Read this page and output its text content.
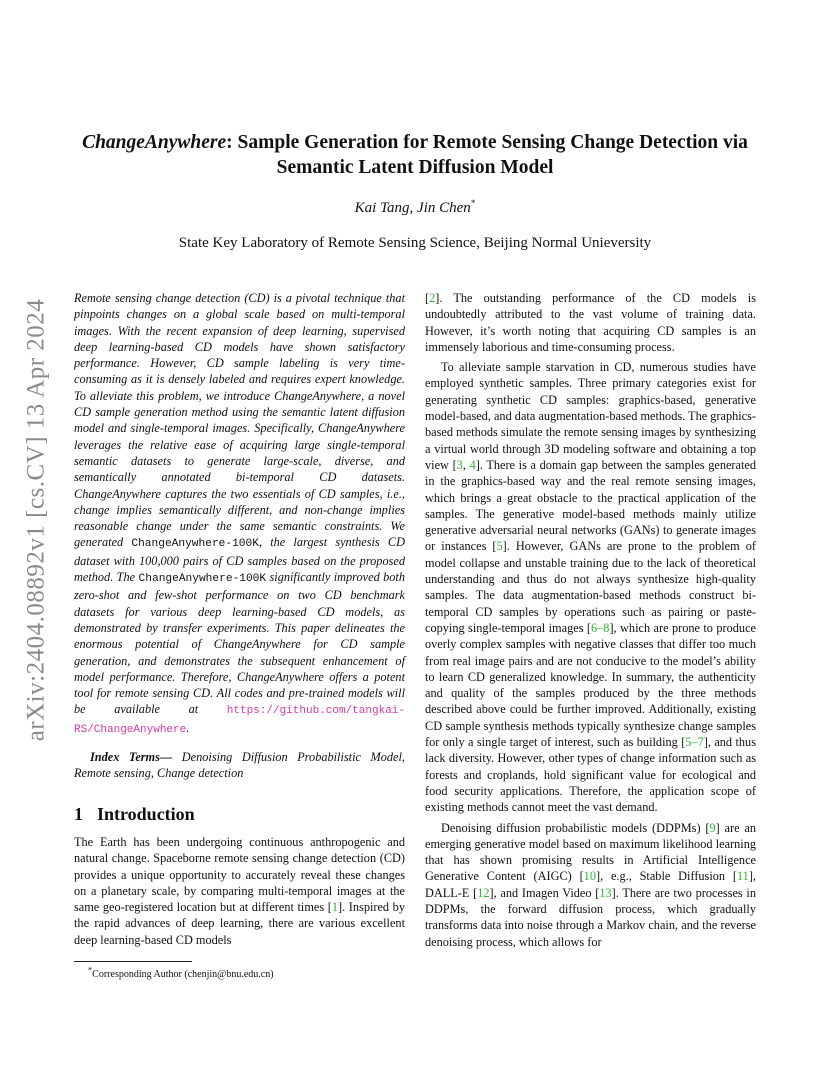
arXiv:2404.08892v1 [cs.CV] 13 Apr 2024
ChangeAnywhere: Sample Generation for Remote Sensing Change Detection via Semantic Latent Diffusion Model
Kai Tang, Jin Chen*
State Key Laboratory of Remote Sensing Science, Beijing Normal Unieversity

Remote sensing change detection (CD) is a pivotal technique that pinpoints changes on a global scale based on multi-temporal images. With the recent expansion of deep learning, supervised deep learning-based CD models have shown satisfactory performance. However, CD sample labeling is very time-consuming as it is densely labeled and requires expert knowledge. To alleviate this problem, we introduce ChangeAnywhere, a novel CD sample generation method using the semantic latent diffusion model and single-temporal images. Specifically, ChangeAnywhere leverages the relative ease of acquiring large single-temporal semantic datasets to generate large-scale, diverse, and semantically annotated bi-temporal CD datasets. ChangeAnywhere captures the two essentials of CD samples, i.e., change implies semantically different, and non-change implies reasonable change under the same semantic constraints. We generated ChangeAnywhere-100K, the largest synthesis CD dataset with 100,000 pairs of CD samples based on the proposed method. The ChangeAnywhere-100K significantly improved both zero-shot and few-shot performance on two CD benchmark datasets for various deep learning-based CD models, as demonstrated by transfer experiments. This paper delineates the enormous potential of ChangeAnywhere for CD sample generation, and demonstrates the subsequent enhancement of model performance. Therefore, ChangeAnywhere offers a potent tool for remote sensing CD. All codes and pre-trained models will be available at https://github.com/tangkai-RS/ChangeAnywhere.

Index Terms— Denoising Diffusion Probabilistic Model, Remote sensing, Change detection
1 Introduction

The Earth has been undergoing continuous anthropogenic and natural change. Spaceborne remote sensing change detection (CD) provides a unique opportunity to accurately reveal these changes on a planetary scale, by comparing multi-temporal images at the same geo-registered location but at different times [1]. Inspired by the rapid advances of deep learning, there are various excellent deep learning-based CD models

*Corresponding Author (chenjin@bnu.edu.cn)

[2]. The outstanding performance of the CD models is undoubtedly attributed to the vast volume of training data. However, it’s worth noting that acquiring CD samples is an immensely laborious and time-consuming process.

To alleviate sample starvation in CD, numerous studies have employed synthetic samples. Three primary categories exist for generating synthetic CD samples: graphics-based, generative model-based, and data augmentation-based methods. The graphics-based methods simulate the remote sensing images by synthesizing a virtual world through 3D modeling software and obtaining a top view [3, 4]. There is a domain gap between the samples generated in the graphics-based way and the real remote sensing images, which brings a great obstacle to the practical application of the samples. The generative model-based methods mainly utilize generative adversarial neural networks (GANs) to generate images or instances [5]. However, GANs are prone to the problem of model collapse and unstable training due to the lack of theoretical understanding and thus do not always synthesize high-quality samples. The data augmentation-based methods construct bi-temporal CD samples by operations such as pairing or paste-copying single-temporal images [6–8], which are prone to produce overly complex samples with negative classes that differ too much from real image pairs and are not conducive to the model’s ability to learn CD generalized knowledge. In summary, the authenticity and quality of the samples produced by the three methods described above could be further improved. Additionally, existing CD sample synthesis methods typically synthesize change samples for only a single target of interest, such as building [5–7], and thus lack diversity. However, other types of change information such as forests and croplands, hold significant value for ecological and food security applications. Therefore, the application scope of existing methods cannot meet the vast demand.

Denoising diffusion probabilistic models (DDPMs) [9] are an emerging generative model based on maximum likelihood learning that has shown promising results in Artificial Intelligence Generative Content (AIGC) [10], e.g., Stable Diffusion [11], DALL-E [12], and Imagen Video [13]. There are two processes in DDPMs, the forward diffusion process, which gradually transforms data into noise through a Markov chain, and the reverse denoising process, which allows for
